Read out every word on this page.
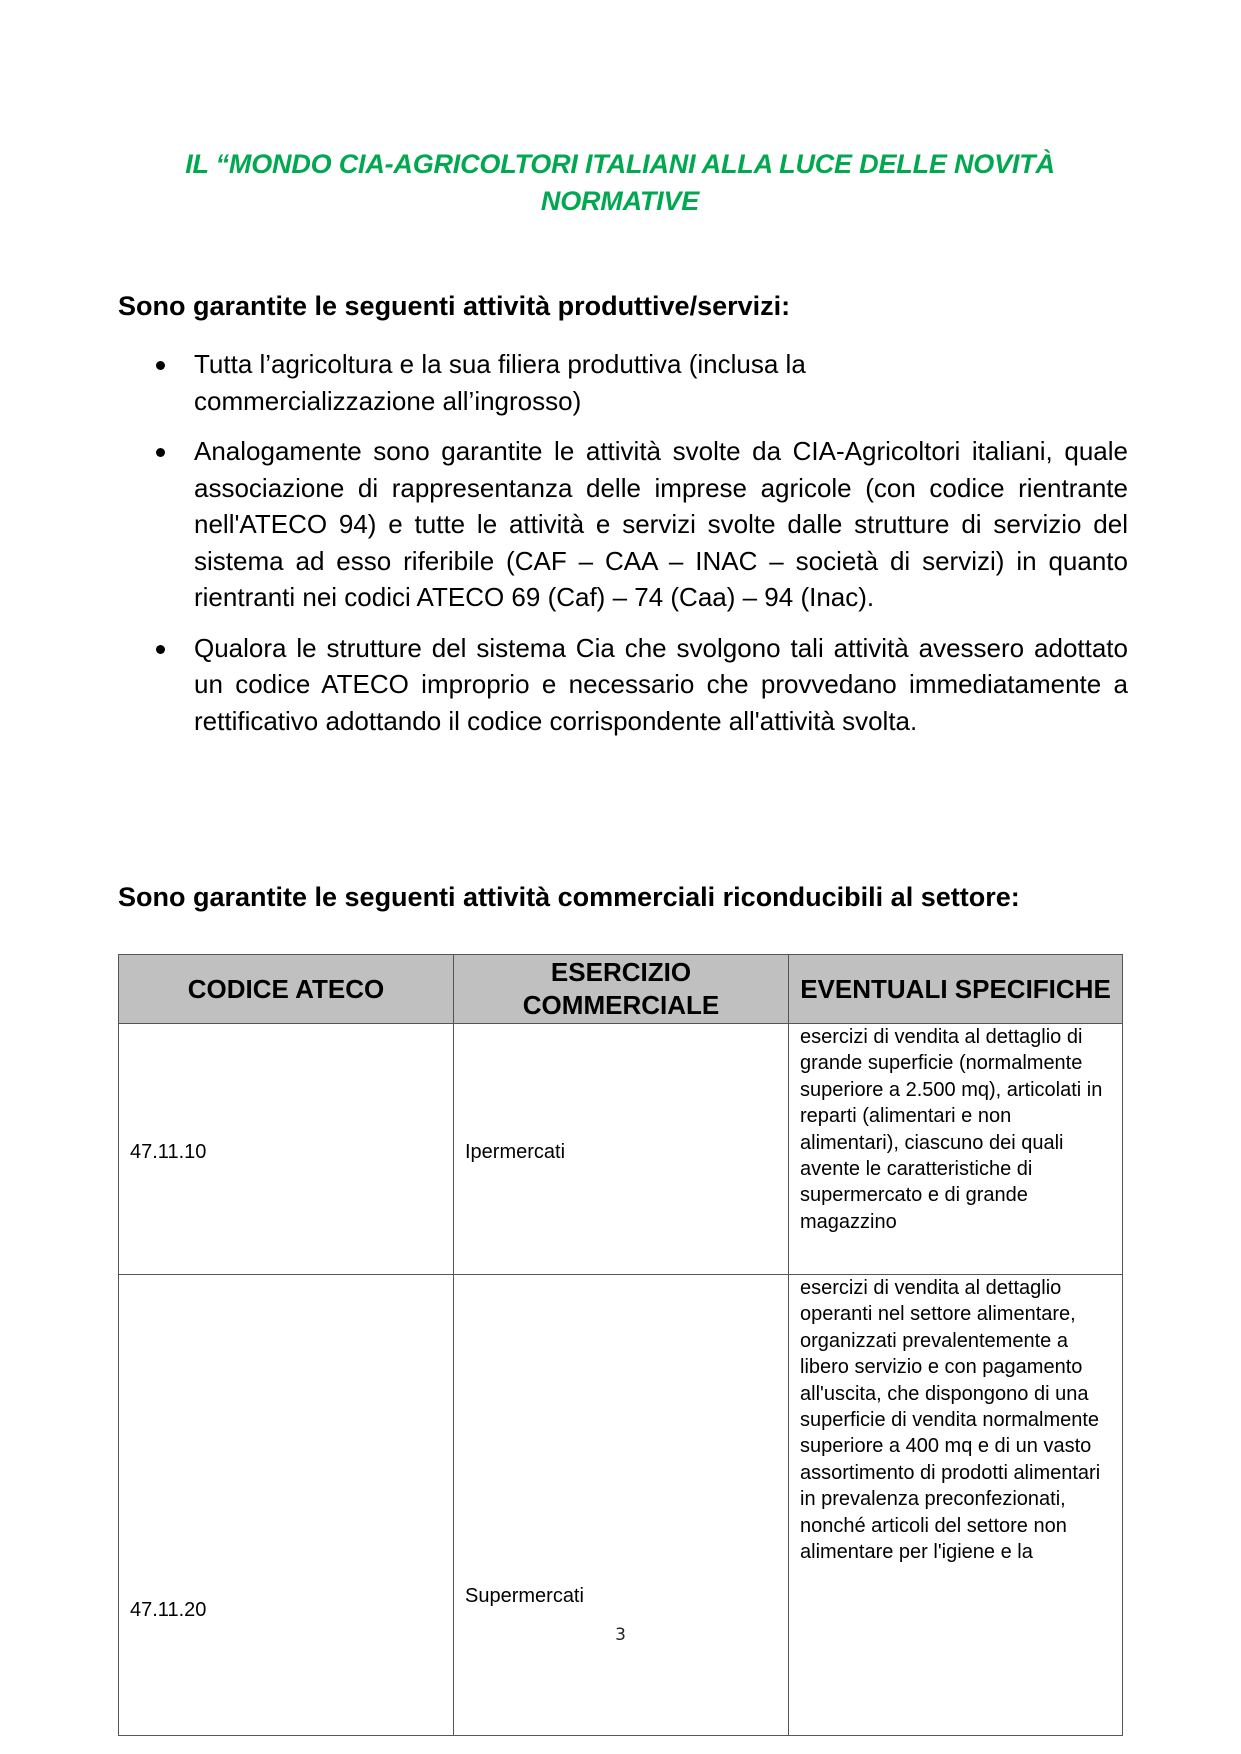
IL “MONDO CIA-AGRICOLTORI ITALIANI ALLA LUCE DELLE NOVITÀ
NORMATIVE
Sono garantite le seguenti attività produttive/servizi:
Tutta l’agricoltura e la sua filiera produttiva (inclusa la commercializzazione all’ingrosso)
Analogamente sono garantite le attività svolte da CIA-Agricoltori italiani, quale associazione di rappresentanza delle imprese agricole (con codice rientrante nell'ATECO 94) e tutte le attività e servizi svolte dalle strutture di servizio del sistema ad esso riferibile (CAF – CAA – INAC – società di servizi) in quanto rientranti nei codici ATECO 69 (Caf) – 74 (Caa) – 94 (Inac).
Qualora le strutture del sistema Cia che svolgono tali attività avessero adottato un codice ATECO improprio e necessario che provvedano immediatamente a rettificativo adottando il codice corrispondente all'attività svolta.
Sono garantite le seguenti attività commerciali riconducibili al settore:
CODICE ATECO	ESERCIZIO COMMERCIALE	EVENTUALI SPECIFICHE
47.11.10	Ipermercati	esercizi di vendita al dettaglio di grande superficie (normalmente superiore a 2.500 mq), articolati in reparti (alimentari e non alimentari), ciascuno dei quali avente le caratteristiche di supermercato e di grande magazzino
47.11.20	Supermercati	esercizi di vendita al dettaglio operanti nel settore alimentare, organizzati prevalentemente a libero servizio e con pagamento all'uscita, che dispongono di una superficie di vendita normalmente superiore a 400 mq e di un vasto assortimento di prodotti alimentari in prevalenza preconfezionati, nonché articoli del settore non alimentare per l'igiene e la
3
